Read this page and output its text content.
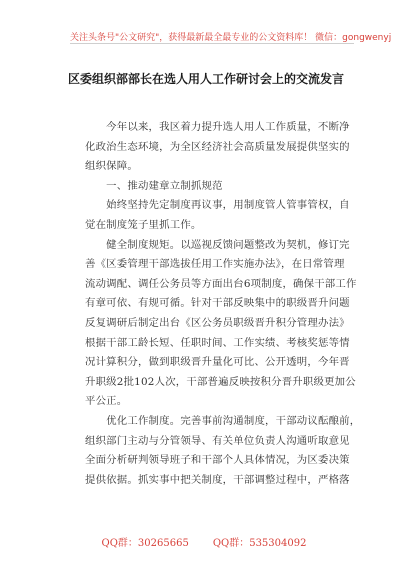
关注头条号"公文研究"，获得最新最全最专业的公文资料库！ 微信：gongwenyj
区委组织部部长在选人用人工作研讨会上的交流发言
　　今年以来，我区着力提升选人用人工作质量，不断净
化政治生态环境，为全区经济社会高质量发展提供坚实的
组织保障。
　　一、推动建章立制抓规范
　　始终坚持先定制度再议事，用制度管人管事管权，自
觉在制度笼子里抓工作。
　　健全制度规矩。以巡视反馈问题整改为契机，修订完
善《区委管理干部选拔任用工作实施办法》，在日常管理
流动调配、调任公务员等方面出台6项制度，确保干部工作
有章可依、有规可循。针对干部反映集中的职级晋升问题
反复调研后制定出台《区公务员职级晋升积分管理办法》
根据干部工龄长短、任职时间、工作实绩、考核奖惩等情
况计算积分，做到职级晋升量化可比、公开透明，今年晋
升职级2批102人次，干部普遍反映按积分晋升职级更加公
平公正。
　　优化工作制度。完善事前沟通制度，干部动议酝酿前，
组织部门主动与分管领导、有关单位负责人沟通听取意见
全面分析研判领导班子和干部个人具体情况，为区委决策
提供依据。抓实事中把关制度，干部调整过程中，严格落
QQ群：30265665 QQ群：535304092
